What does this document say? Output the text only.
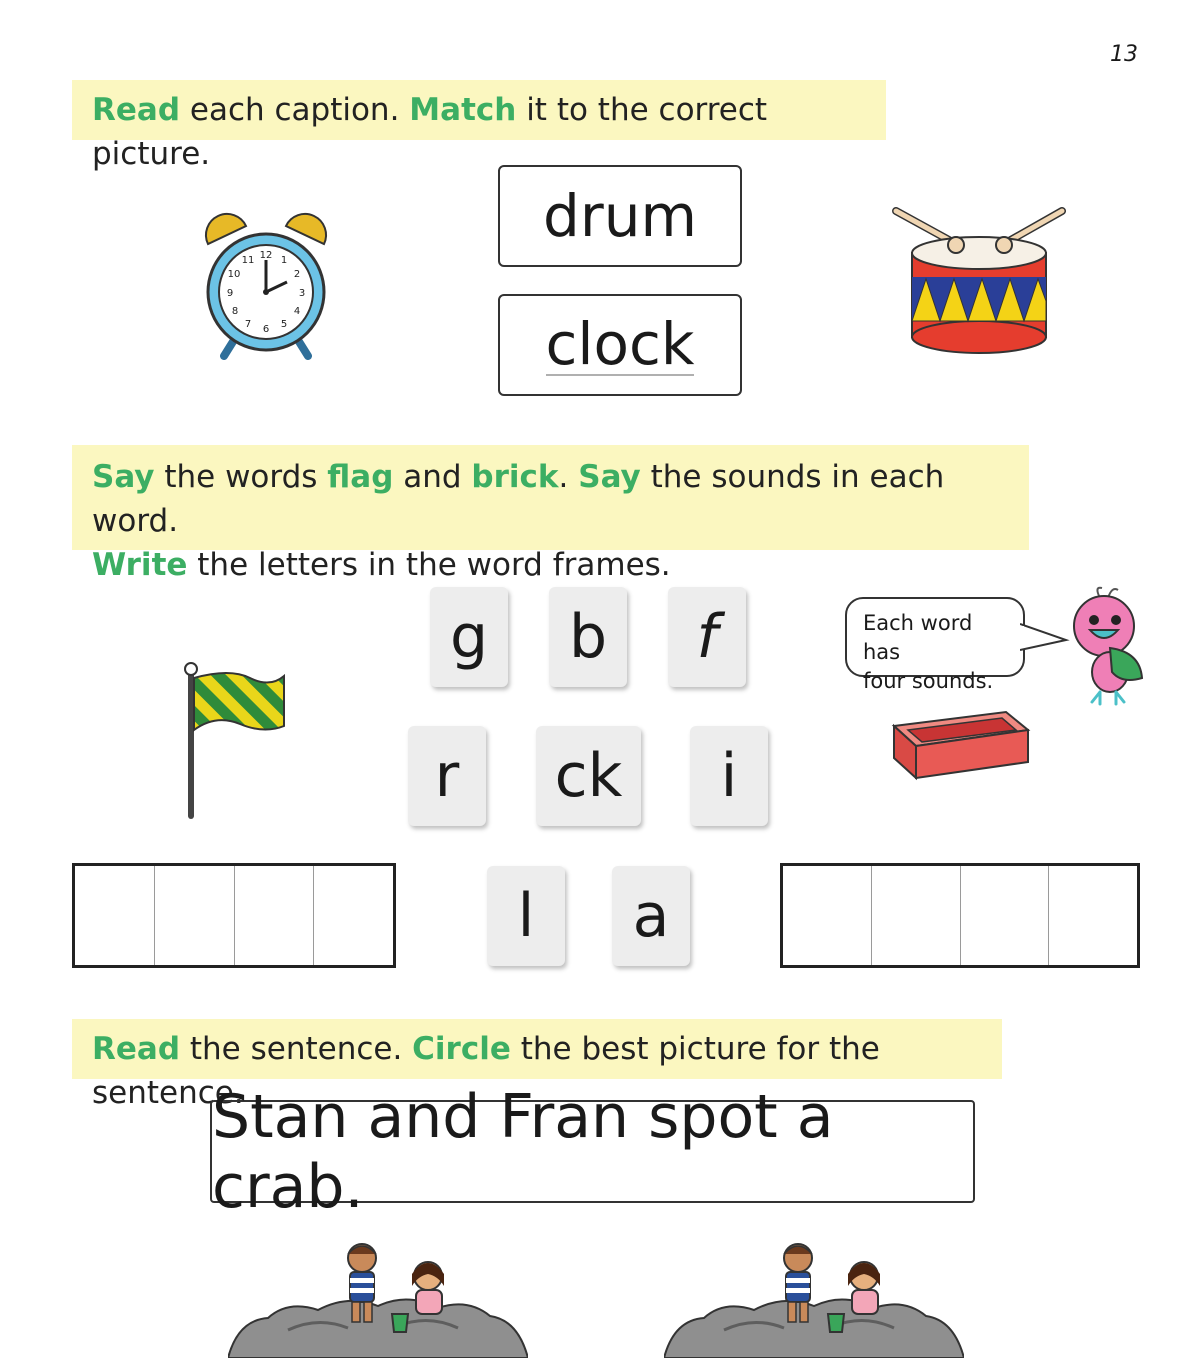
13
Read each caption. Match it to the correct picture.
12 1
2
3
4
5
6
7
8
9
10
11
drum
clock
Say the words flag and brick. Say the sounds in each word.
Write the letters in the word frames.
g b f
r ck i
l a
Each word has
four sounds.
Read the sentence. Circle the best picture for the sentence.
Stan and Fran spot a crab.
